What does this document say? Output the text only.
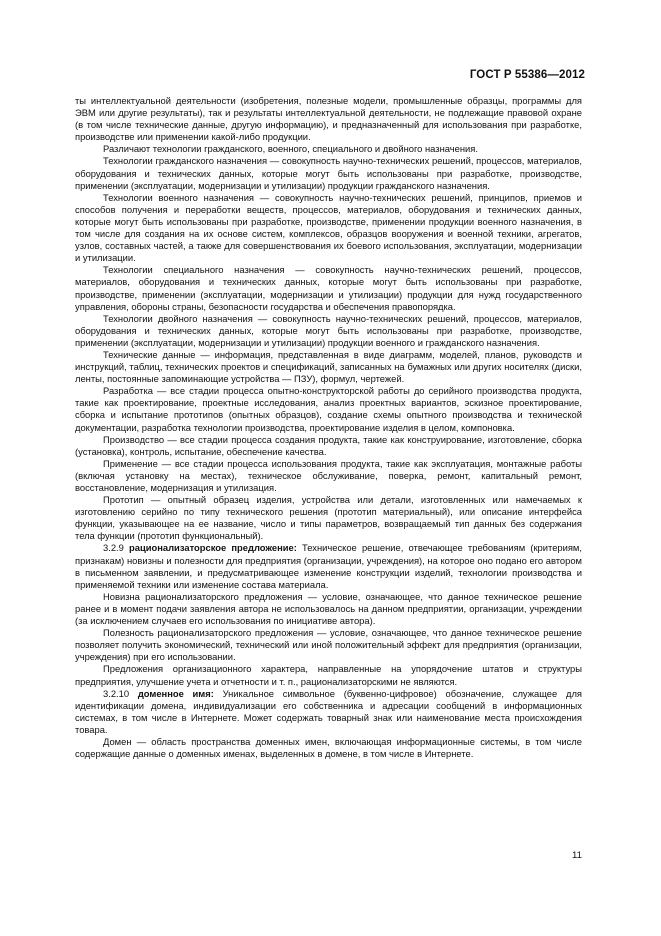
ГОСТ Р 55386—2012

ты интеллектуальной деятельности (изобретения, полезные модели, промышленные образцы, программы для ЭВМ или другие результаты), так и результаты интеллектуальной деятельности, не подлежащие правовой охране (в том числе технические данные, другую информацию), и предназначенный для использования при разработке, производстве или применении какой-либо продукции.

Различают технологии гражданского, военного, специального и двойного назначения.

Технологии гражданского назначения — совокупность научно-технических решений, процессов, материалов, оборудования и технических данных, которые могут быть использованы при разработке, производстве, применении (эксплуатации, модернизации и утилизации) продукции гражданского назначения.

Технологии военного назначения — совокупность научно-технических решений, принципов, приемов и способов получения и переработки веществ, процессов, материалов, оборудования и технических данных, которые могут быть использованы при разработке, производстве, применении продукции военного назначения, в том числе для создания на их основе систем, комплексов, образцов вооружения и военной техники, агрегатов, узлов, составных частей, а также для совершенствования их боевого использования, эксплуатации, модернизации и утилизации.

Технологии специального назначения — совокупность научно-технических решений, процессов, материалов, оборудования и технических данных, которые могут быть использованы при разработке, производстве, применении (эксплуатации, модернизации и утилизации) продукции для нужд государственного управления, обороны страны, безопасности государства и обеспечения правопорядка.

Технологии двойного назначения — совокупность научно-технических решений, процессов, материалов, оборудования и технических данных, которые могут быть использованы при разработке, производстве, применении (эксплуатации, модернизации и утилизации) продукции военного и гражданского назначения.

Технические данные — информация, представленная в виде диаграмм, моделей, планов, руководств и инструкций, таблиц, технических проектов и спецификаций, записанных на бумажных или других носителях (диски, ленты, постоянные запоминающие устройства — ПЗУ), формул, чертежей.

Разработка — все стадии процесса опытно-конструкторской работы до серийного производства продукта, такие как проектирование, проектные исследования, анализ проектных вариантов, эскизное проектирование, сборка и испытание прототипов (опытных образцов), создание схемы опытного производства и технической документации, разработка технологии производства, проектирование изделия в целом, компоновка.

Производство — все стадии процесса создания продукта, такие как конструирование, изготовление, сборка (установка), контроль, испытание, обеспечение качества.

Применение — все стадии процесса использования продукта, такие как эксплуатация, монтажные работы (включая установку на местах), техническое обслуживание, поверка, ремонт, капитальный ремонт, восстановление, модернизация и утилизация.

Прототип — опытный образец изделия, устройства или детали, изготовленных или намечаемых к изготовлению серийно по типу технического решения (прототип материальный), или описание интерфейса функции, указывающее на ее название, число и типы параметров, возвращаемый тип данных без содержания тела функции (прототип функциональный).

3.2.9 рационализаторское предложение: Техническое решение, отвечающее требованиям (критериям, признакам) новизны и полезности для предприятия (организации, учреждения), на которое оно подано его автором в письменном заявлении, и предусматривающее изменение конструкции изделий, технологии производства и применяемой техники или изменение состава материала.

Новизна рационализаторского предложения — условие, означающее, что данное техническое решение ранее и в момент подачи заявления автора не использовалось на данном предприятии, организации, учреждении (за исключением случаев его использования по инициативе автора).

Полезность рационализаторского предложения — условие, означающее, что данное техническое решение позволяет получить экономический, технический или иной положительный эффект для предприятия (организации, учреждения) при его использовании.

Предложения организационного характера, направленные на упорядочение штатов и структуры предприятия, улучшение учета и отчетности и т. п., рационализаторскими не являются.

3.2.10 доменное имя: Уникальное символьное (буквенно-цифровое) обозначение, служащее для идентификации домена, индивидуализации его собственника и адресации сообщений в информационных системах, в том числе в Интернете. Может содержать товарный знак или наименование места происхождения товара.

Домен — область пространства доменных имен, включающая информационные системы, в том числе содержащие данные о доменных именах, выделенных в домене, в том числе в Интернете.

11
